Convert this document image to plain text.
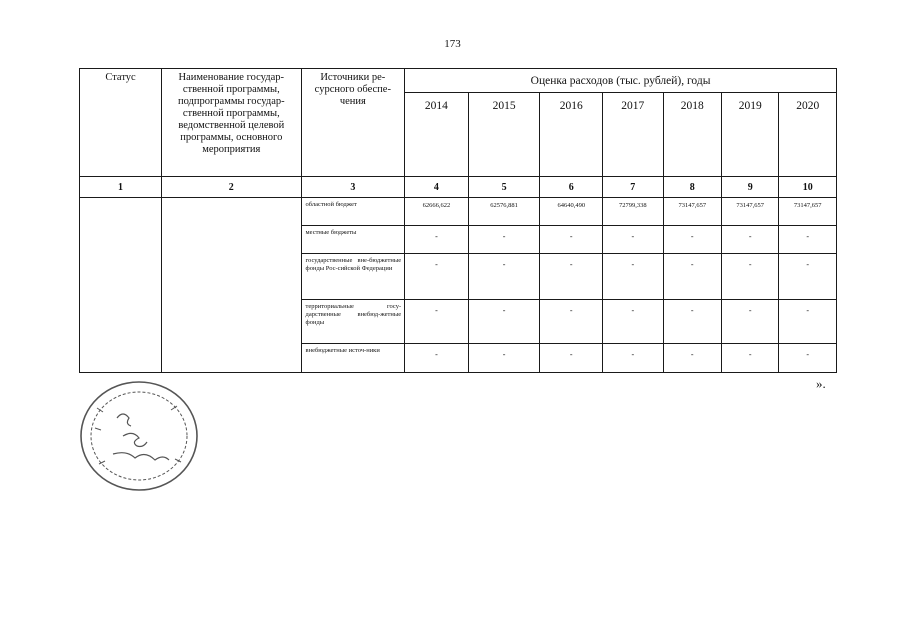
173
Статус	Наименование государ-ственной программы, подпрограммы государ-ственной программы, ведомственной целевой программы, основного мероприятия	Источники ре-сурсного обеспе-чения	Оценка расходов (тыс. рублей), годы						
			2014	2015	2016	2017	2018	2019	2020
1	2	3	4	5	6	7	8	9	10
		областной бюджет	62666,622	62576,881	64640,490	72799,338	73147,657	73147,657	73147,657
		местные бюджеты	-	-	-	-	-	-	-
		государственные вне-бюджетные фонды Рос-сийской Федерации	-	-	-	-	-	-	-
		территориальные госу-дарственные внебюд-жетные фонды	-	-	-	-	-	-	-
		внебюджетные источ-ники	-	-	-	-	-	-	-
».
